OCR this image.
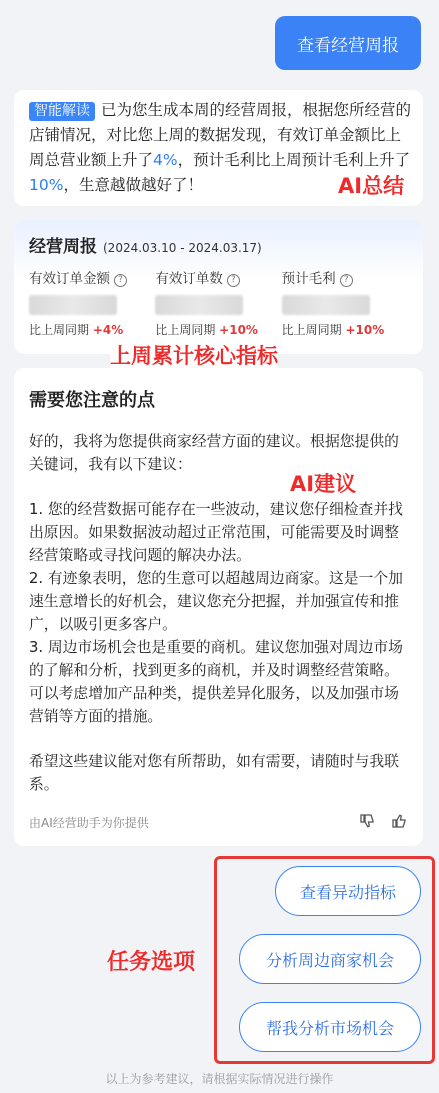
查看经营周报
智能解读 已为您生成本周的经营周报，根据您所经营的店铺情况，对比您上周的数据发现，有效订单金额比上周总营业额上升了4%，预计毛利比上周预计毛利上升了10%，生意越做越好了！	AI总结
经营周报 (2024.03.10 - 2024.03.17)
有效订单金额 ?
比上周同期 +4%
有效订单数 ?
比上周同期 +10%
预计毛利 ?
比上周同期 +10%
上周累计核心指标
需要您注意的点

好的，我将为您提供商家经营方面的建议。根据您提供的关键词，我有以下建议：

1. 您的经营数据可能存在一些波动，建议您仔细检查并找出原因。如果数据波动超过正常范围，可能需要及时调整经营策略或寻找问题的解决办法。

2. 有迹象表明，您的生意可以超越周边商家。这是一个加速生意增长的好机会，建议您充分把握，并加强宣传和推广，以吸引更多客户。

3. 周边市场机会也是重要的商机。建议您加强对周边市场的了解和分析，找到更多的商机，并及时调整经营策略。可以考虑增加产品种类，提供差异化服务，以及加强市场营销等方面的措施。

希望这些建议能对您有所帮助，如有需要，请随时与我联系。

由AI经营助手为你提供
AI建议
任务选项
查看异动指标
分析周边商家机会
帮我分析市场机会
以上为参考建议，请根据实际情况进行操作
